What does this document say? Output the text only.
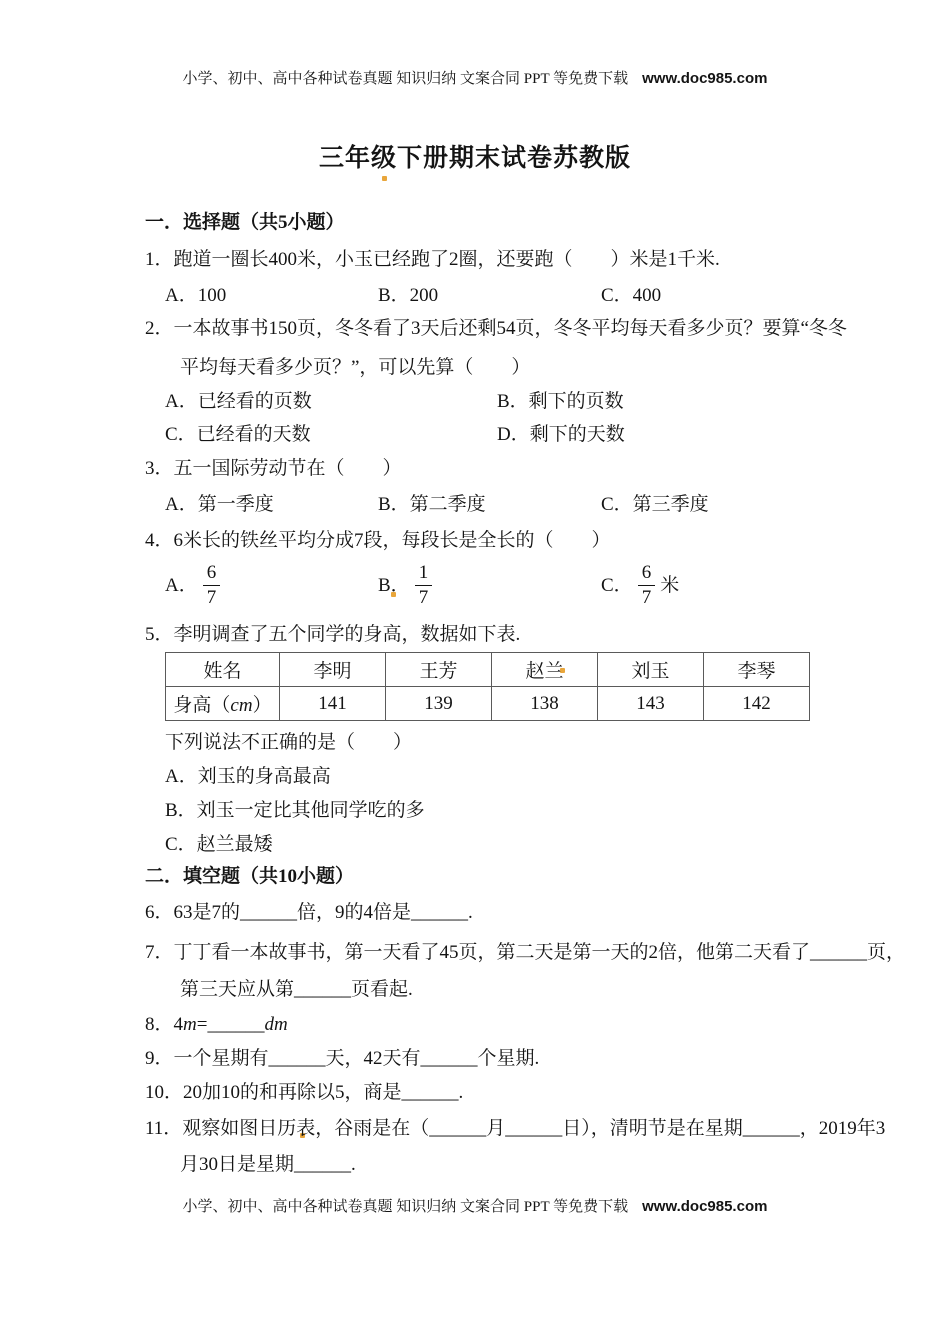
小学、初中、高中各种试卷真题 知识归纳 文案合同 PPT 等免费下载 www.doc985.com
三年级下册期末试卷苏教版
一．选择题（共5小题）
1．跑道一圈长400米，小玉已经跑了2圈，还要跑（　　）米是1千米.
A．100	B．200	C．400
2．一本故事书150页，冬冬看了3天后还剩54页，冬冬平均每天看多少页？要算“冬冬
平均每天看多少页？”，可以先算（　　）
A．已经看的页数	B．剩下的页数
C．已经看的天数	D．剩下的天数
3．五一国际劳动节在（　　）
A．第一季度	B．第二季度	C．第三季度
4．6米长的铁丝平均分成7段，每段长是全长的（　　）
A． $\frac{6}{7}$	B． $\frac{1}{7}$	C． $\frac{6}{7}$ 米
5．李明调查了五个同学的身高，数据如下表.
姓名	李明	王芳	赵兰	刘玉	李琴
身高（cm）	141	139	138	143	142
下列说法不正确的是（　　）
A．刘玉的身高最高
B．刘玉一定比其他同学吃的多
C．赵兰最矮
二．填空题（共10小题）
6．63是7的______倍，9的4倍是______.
7．丁丁看一本故事书，第一天看了45页，第二天是第一天的2倍，他第二天看了______页，
第三天应从第______页看起.
8．4m=______dm
9．一个星期有______天，42天有______个星期.
10．20加10的和再除以5，商是______.
11．观察如图日历表，谷雨是在（______月______日），清明节是在星期______，2019年3
月30日是星期______.
小学、初中、高中各种试卷真题 知识归纳 文案合同 PPT 等免费下载 www.doc985.com
